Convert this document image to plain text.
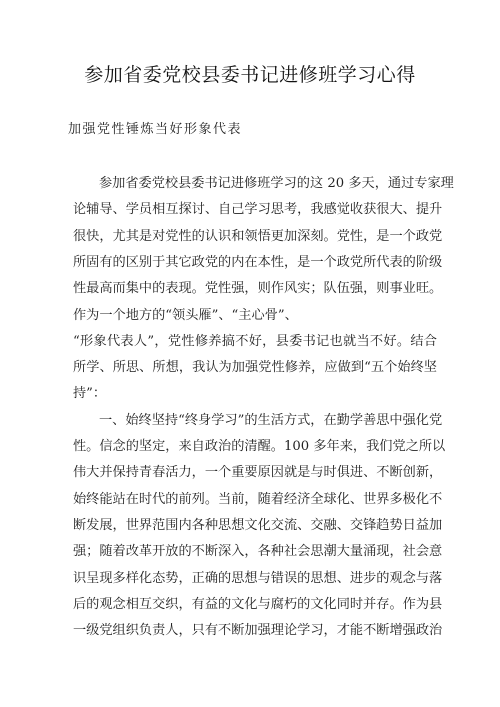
参加省委党校县委书记进修班学习心得

加强党性锤炼当好形象代表

参加省委党校县委书记进修班学习的这 20 多天，通过专家理

论辅导、学员相互探讨、自己学习思考，我感觉收获很大、提升

很快，尤其是对党性的认识和领悟更加深刻。党性，是一个政党

所固有的区别于其它政党的内在本性，是一个政党所代表的阶级

性最高而集中的表现。党性强，则作风实；队伍强，则事业旺。

作为一个地方的“领头雁”、“主心骨”、

“形象代表人”，党性修养搞不好，县委书记也就当不好。结合

所学、所思、所想，我认为加强党性修养，应做到“五个始终坚

持”：

一、始终坚持“终身学习”的生活方式，在勤学善思中强化党

性。信念的坚定，来自政治的清醒。100 多年来，我们党之所以

伟大并保持青春活力，一个重要原因就是与时俱进、不断创新，

始终能站在时代的前列。当前，随着经济全球化、世界多极化不

断发展，世界范围内各种思想文化交流、交融、交锋趋势日益加

强；随着改革开放的不断深入，各种社会思潮大量涌现，社会意

识呈现多样化态势，正确的思想与错误的思想、进步的观念与落

后的观念相互交织，有益的文化与腐朽的文化同时并存。作为县

一级党组织负责人，只有不断加强理论学习，才能不断增强政治
